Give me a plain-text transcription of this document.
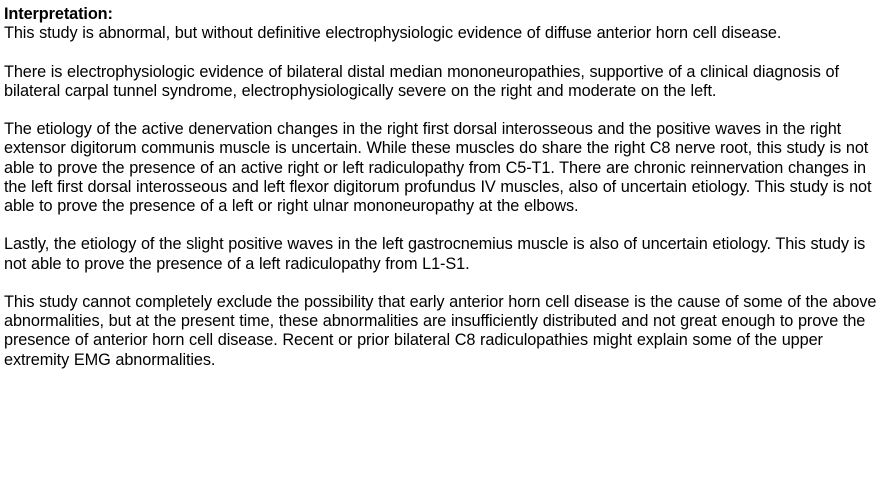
Interpretation:

This study is abnormal, but without definitive electrophysiologic evidence of diffuse anterior horn cell disease.

There is electrophysiologic evidence of bilateral distal median mononeuropathies, supportive of a clinical diagnosis of bilateral carpal tunnel syndrome, electrophysiologically severe on the right and moderate on the left.

The etiology of the active denervation changes in the right first dorsal interosseous and the positive waves in the right extensor digitorum communis muscle is uncertain. While these muscles do share the right C8 nerve root, this study is not able to prove the presence of an active right or left radiculopathy from C5-T1. There are chronic reinnervation changes in the left first dorsal interosseous and left flexor digitorum profundus IV muscles, also of uncertain etiology. This study is not able to prove the presence of a left or right ulnar mononeuropathy at the elbows.

Lastly, the etiology of the slight positive waves in the left gastrocnemius muscle is also of uncertain etiology. This study is not able to prove the presence of a left radiculopathy from L1-S1.

This study cannot completely exclude the possibility that early anterior horn cell disease is the cause of some of the above abnormalities, but at the present time, these abnormalities are insufficiently distributed and not great enough to prove the presence of anterior horn cell disease. Recent or prior bilateral C8 radiculopathies might explain some of the upper extremity EMG abnormalities.
